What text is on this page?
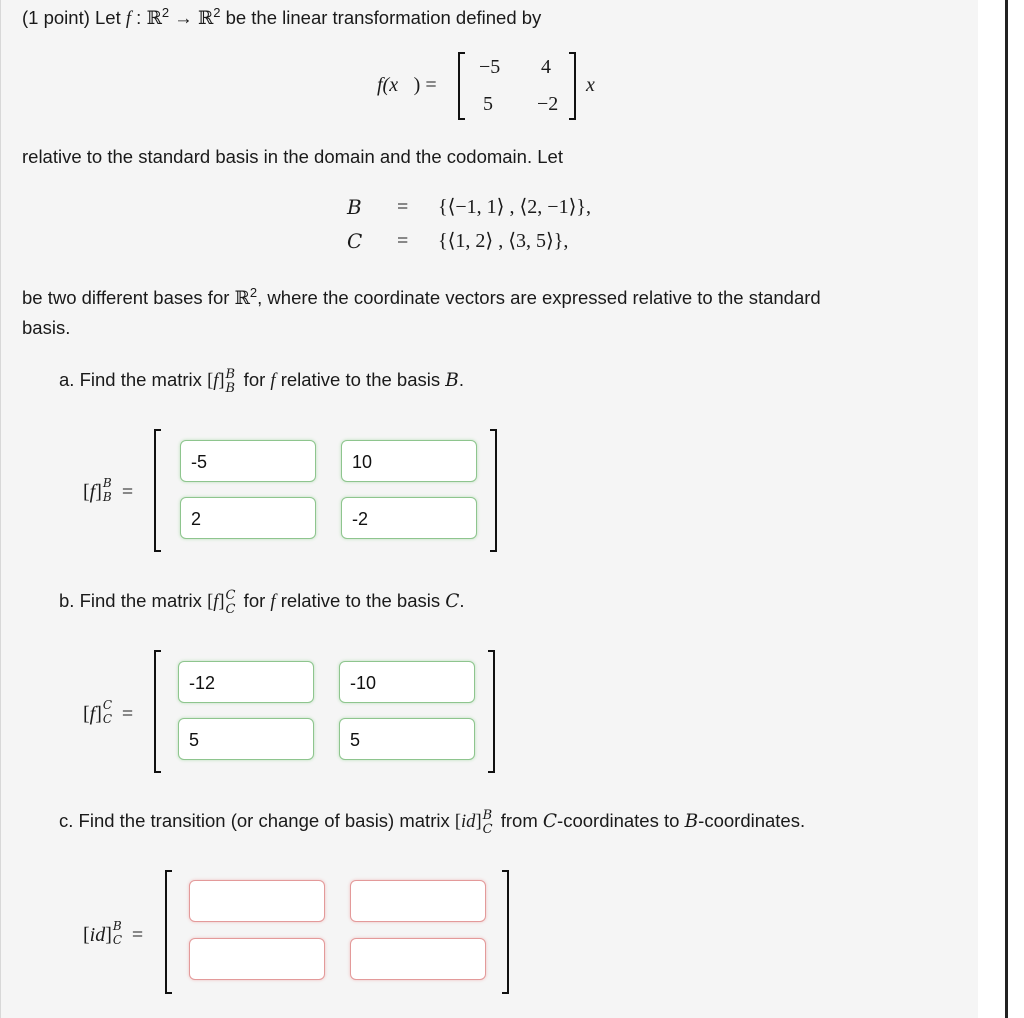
(1 point) Let f : ℝ$^2$ → ℝ$^2$ be the linear transformation defined by
f(x⃗) =
−5 4
5 −2
x⃗
relative to the standard basis in the domain and the codomain. Let
B = {⟨−1, 1⟩ , ⟨2, −1⟩},
C = {⟨1, 2⟩ , ⟨3, 5⟩},
be two different bases for ℝ$^2$, where the coordinate vectors are expressed relative to the standard
basis.
a. Find the matrix [f] B
B for f relative to the basis B.
[f] B
B =
-5	10
2	-2
b. Find the matrix [f] C
C for f relative to the basis C.
[f] C
C =
-12	-10
5	5
c. Find the transition (or change of basis) matrix [id] B
C from C-coordinates to B-coordinates.
[id] B
C =
